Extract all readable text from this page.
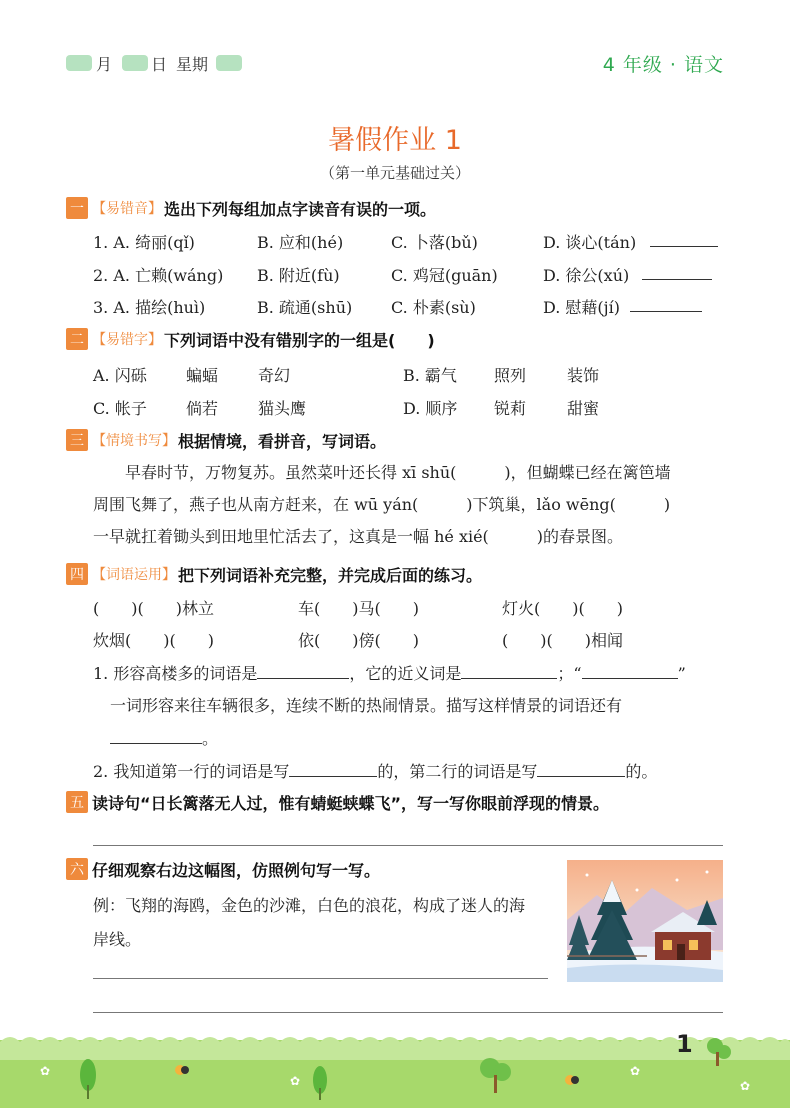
月 日 星期	4 年级 · 语文
暑假作业 1
（第一单元基础过关）
一 【易错音】 选出下列每组加点字读音有误的一项。
1. A. 绮丽(qǐ)	B. 应和(hé)	C. 卜落(bǔ)	D. 谈心(tán)
2. A. 亡赖(wáng) B. 附近(fù)	C. 鸡冠(guān)	D. 徐公(xú)
3. A. 描绘(huì)	B. 疏通(shū) C. 朴素(sù)	D. 慰藉(jí)
二 【易错字】 下列词语中没有错别字的一组是(　　)
A. 闪砾 蝙蝠 奇幻	B. 霸气 照列	装饰
C. 帐子 倘若 猫头鹰	D. 顺序 锐莉	甜蜜
三 【情境书写】 根据情境，看拼音，写词语。
　　早春时节，万物复苏。虽然菜叶还长得 xī shū(　　　)，但蝴蝶已经在篱笆墙
周围飞舞了，燕子也从南方赶来，在 wū yán(　　　)下筑巢，lǎo wēng(　　　)
一早就扛着锄头到田地里忙活去了，这真是一幅 hé xié(　　　)的春景图。
四 【词语运用】 把下列词语补充完整，并完成后面的练习。
(　　)(　　)林立	车(　　)马(　　)	灯火(　　)(　　)
炊烟(　　)(　　)	依(　　)傍(　　)	(　　)(　　)相闻
1. 形容高楼多的词语是	，它的近义词是	；“	”
一词形容来往车辆很多，连续不断的热闹情景。描写这样情景的词语还有
。
2. 我知道第一行的词语是写	的，第二行的词语是写	的。
五 读诗句“日长篱落无人过，惟有蜻蜓蛱蝶飞”，写一写你眼前浮现的情景。
六 仔细观察右边这幅图，仿照例句写一写。
例：飞翔的海鸥，金色的沙滩，白色的浪花，构成了迷人的海
岸线。
✿
✿
✿
✿
1
